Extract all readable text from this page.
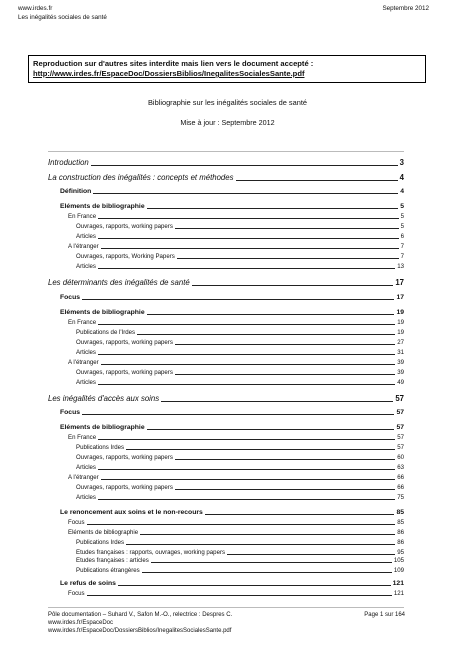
www.irdes.fr
Les inégalités sociales de santé
Septembre 2012
Reproduction sur d'autres sites interdite mais lien vers le document accepté :
http://www.irdes.fr/EspaceDoc/DossiersBiblios/InegalitesSocialesSante.pdf
Bibliographie sur les inégalités sociales de santé
Mise à jour : Septembre 2012
Introduction	3
La construction des inégalités : concepts et méthodes	4
Définition	4
Eléments de bibliographie	5
En France	5
Ouvrages, rapports, working papers	5
Articles	6
A l'étranger	7
Ouvrages, rapports, Working Papers	7
Articles	13
Les déterminants des inégalités de santé	17
Focus	17
Eléments de bibliographie	19
En France	19
Publications de l'Irdes	19
Ouvrages, rapports, working papers	27
Articles	31
A l'étranger	39
Ouvrages, rapports, working papers	39
Articles	49
Les inégalités d'accès aux soins	57
Focus	57
Eléments de bibliographie	57
En France	57
Publications Irdes	57
Ouvrages, rapports, working papers	60
Articles	63
A l'étranger	66
Ouvrages, rapports, working papers	66
Articles	75
Le renoncement aux soins et le non-recours	85
Focus	85
Eléments de bibliographie	86
Publications Irdes	86
Etudes françaises : rapports, ouvrages, working papers	95
Etudes françaises : articles	105
Publications étrangères	109
Le refus de soins	121
Focus	121
Pôle documentation – Suhard V., Safon M.-O., relectrice : Despres C.
www.irdes.fr/EspaceDoc
www.irdes.fr/EspaceDoc/DossiersBiblios/InegalitesSocialesSante.pdf
Page 1 sur 164
